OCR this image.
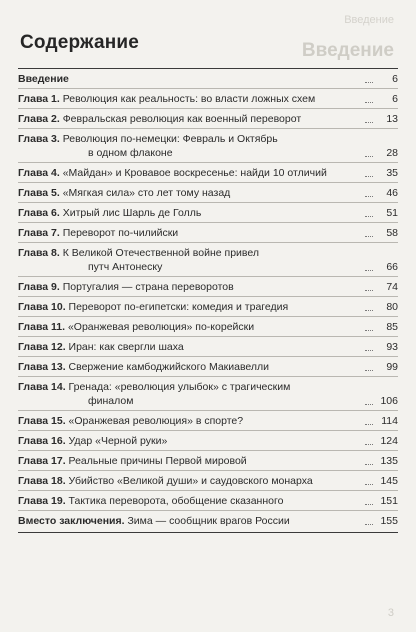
Введение
Введение
3
Содержание
Введение	6
Глава 1. Революция как реальность: во власти ложных схем	6
Глава 2. Февральская революция как военный переворот	13
Глава 3. Революция по-немецки: Февраль и Октябрь
в одном флаконе	28
Глава 4. «Майдан» и Кровавое воскресенье: найди 10 отличий	35
Глава 5. «Мягкая сила» сто лет тому назад	46
Глава 6. Хитрый лис Шарль де Голль	51
Глава 7. Переворот по-чилийски	58
Глава 8. К Великой Отечественной войне привел
путч Антонеску	66
Глава 9. Португалия — страна переворотов	74
Глава 10. Переворот по-египетски: комедия и трагедия	80
Глава 11. «Оранжевая революция» по-корейски	85
Глава 12. Иран: как свергли шаха	93
Глава 13. Свержение камбоджийского Макиавелли	99
Глава 14. Гренада: «революция улыбок» с трагическим
финалом	106
Глава 15. «Оранжевая революция» в спорте?	114
Глава 16. Удар «Черной руки»	124
Глава 17. Реальные причины Первой мировой	135
Глава 18. Убийство «Великой души» и саудовского монарха	145
Глава 19. Тактика переворота, обобщение сказанного	151
Вместо заключения. Зима — сообщник врагов России	155
